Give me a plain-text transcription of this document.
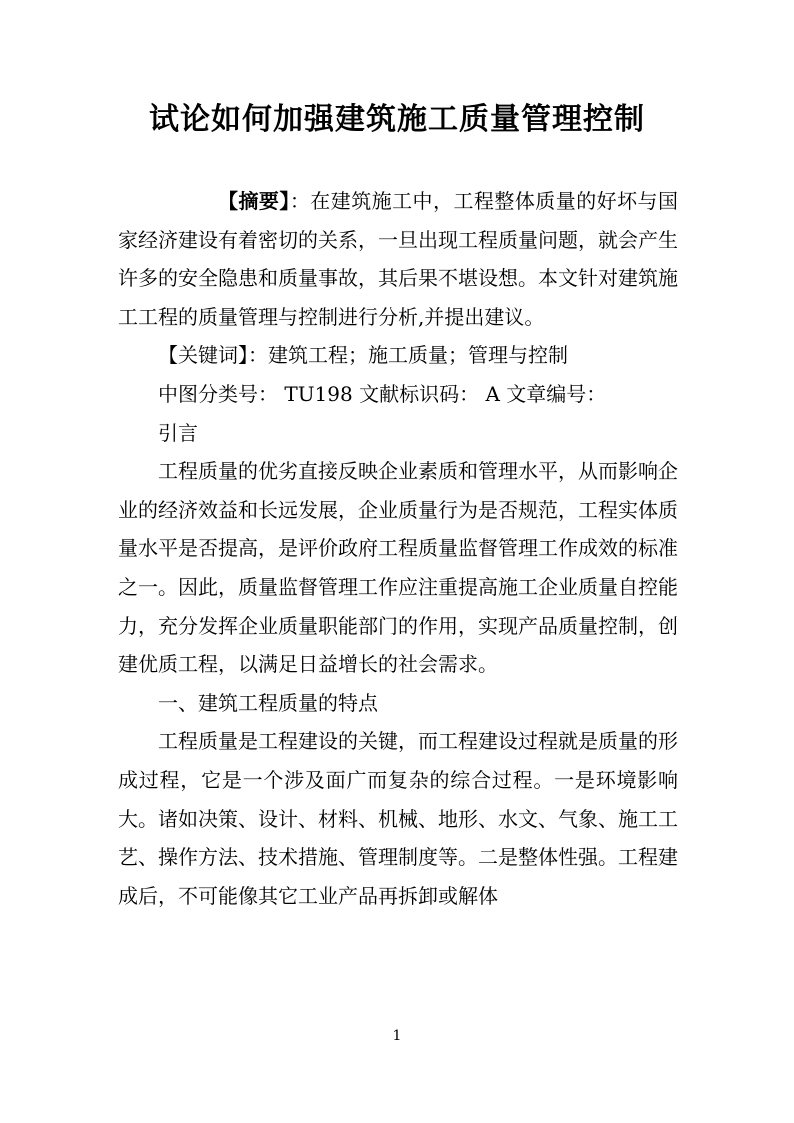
试论如何加强建筑施工质量管理控制

【摘要】：在建筑施工中，工程整体质量的好坏与国家经济建设有着密切的关系，一旦出现工程质量问题，就会产生许多的安全隐患和质量事故，其后果不堪设想。本文针对建筑施工工程的质量管理与控制进行分析,并提出建议。

【关键词】：建筑工程；施工质量；管理与控制

中图分类号： TU198 文献标识码： A 文章编号：

引言

工程质量的优劣直接反映企业素质和管理水平，从而影响企业的经济效益和长远发展，企业质量行为是否规范，工程实体质量水平是否提高，是评价政府工程质量监督管理工作成效的标准之一。因此，质量监督管理工作应注重提高施工企业质量自控能力，充分发挥企业质量职能部门的作用，实现产品质量控制，创建优质工程，以满足日益增长的社会需求。

一、建筑工程质量的特点

工程质量是工程建设的关键，而工程建设过程就是质量的形成过程，它是一个涉及面广而复杂的综合过程。一是环境影响大。诸如决策、设计、材料、机械、地形、水文、气象、施工工艺、操作方法、技术措施、管理制度等。二是整体性强。工程建成后，不可能像其它工业产品再拆卸或解体

1
